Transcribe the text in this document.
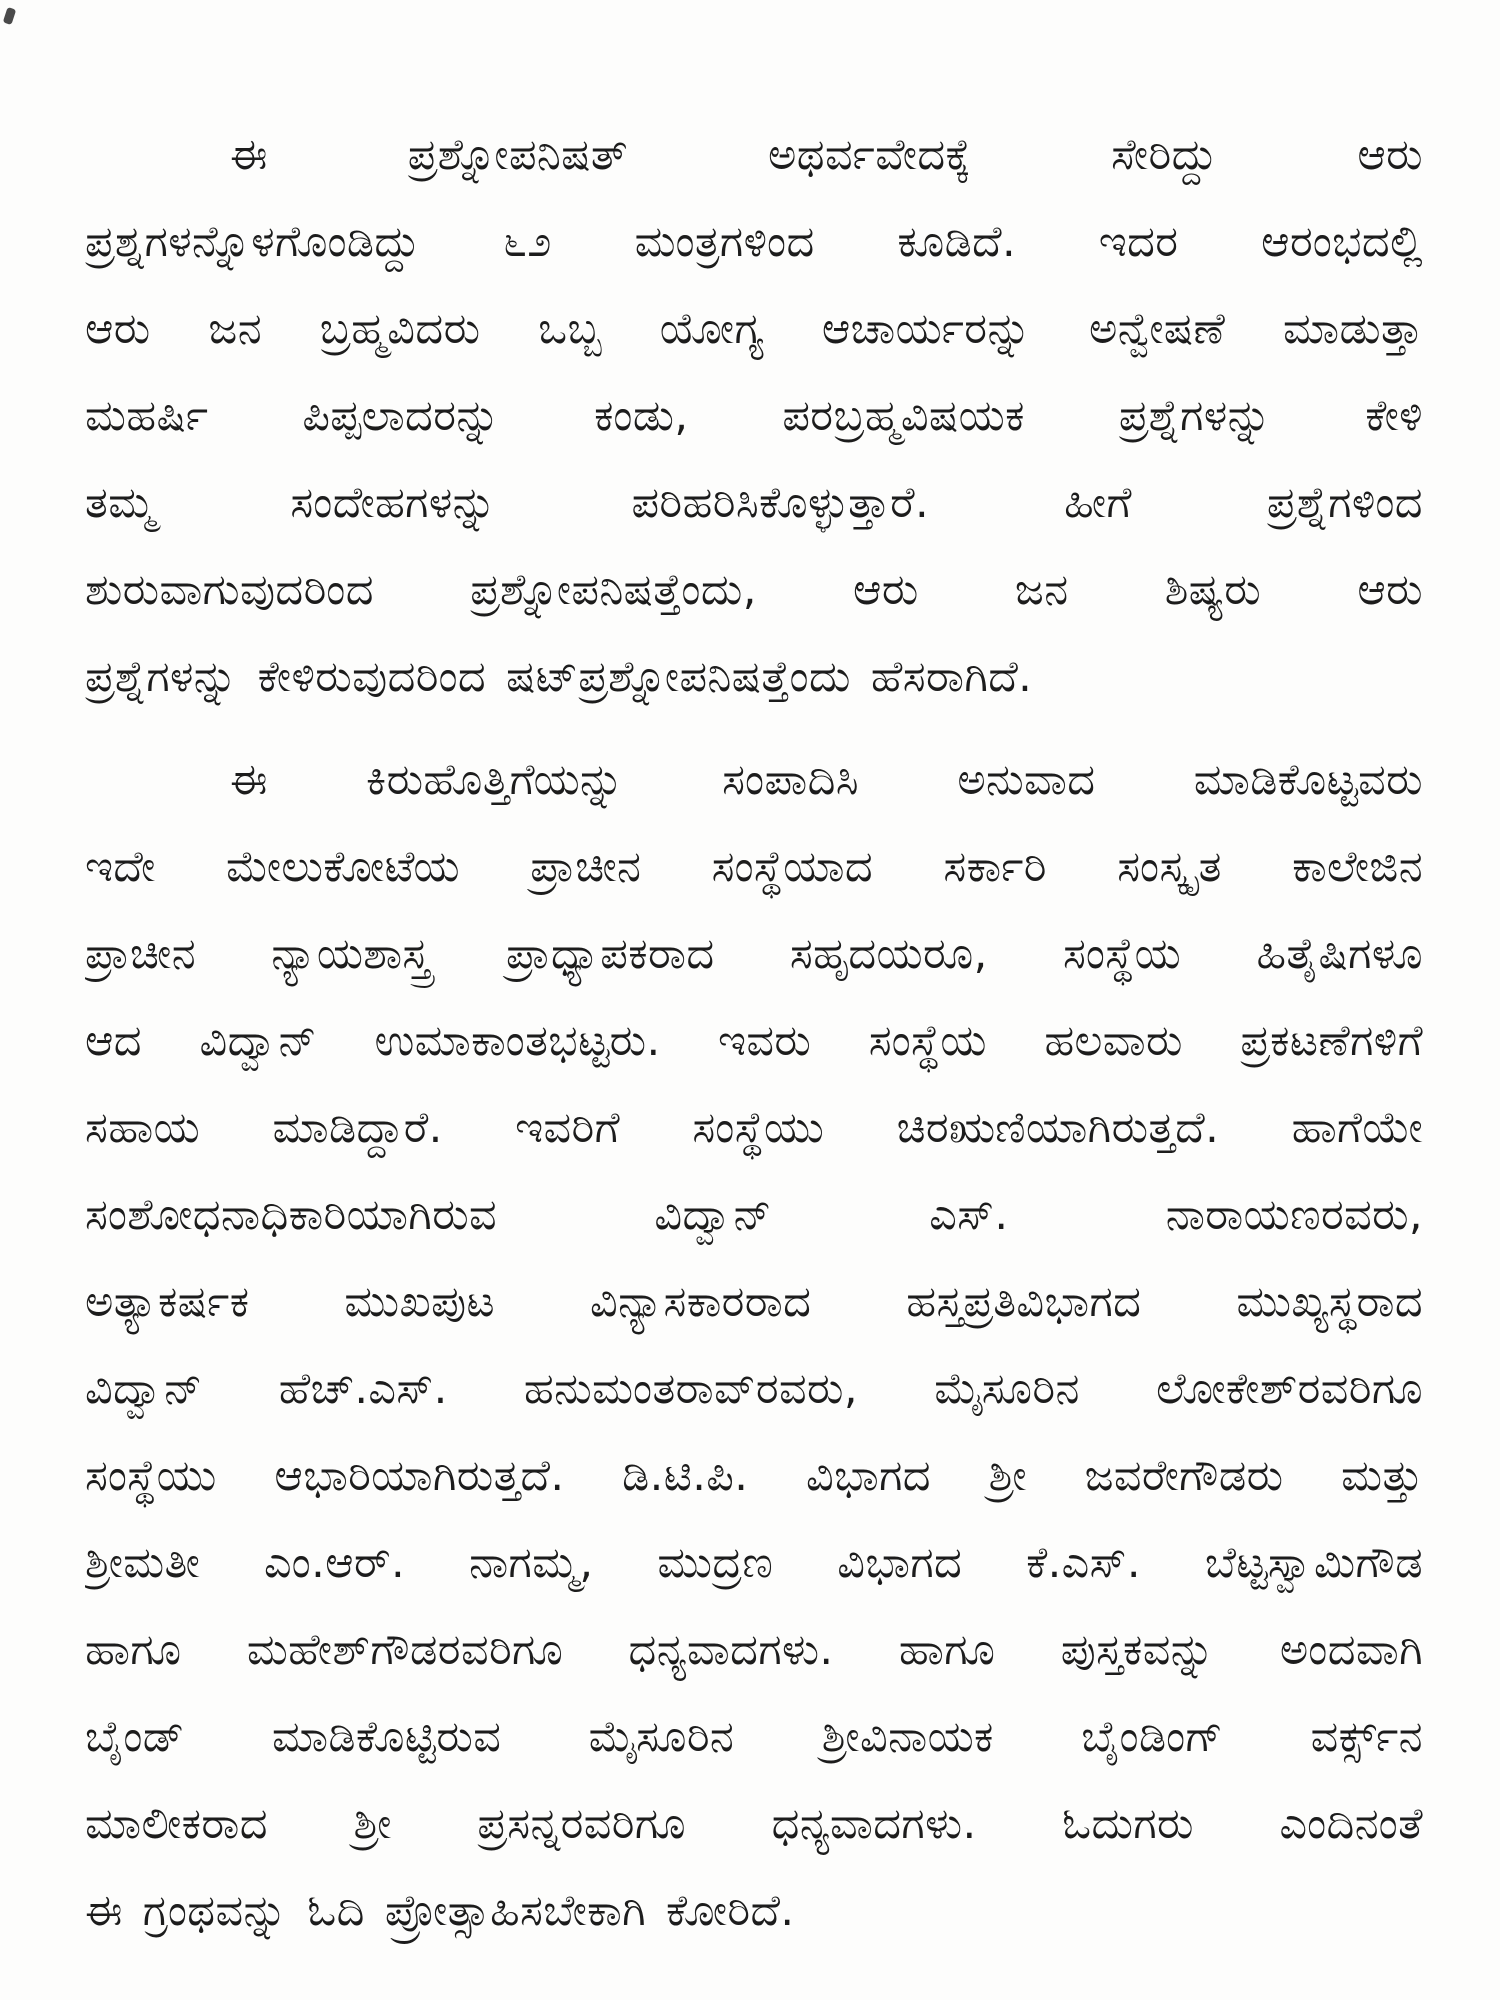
ಈ ಪ್ರಶ್ನೋಪನಿಷತ್ ಅಥರ್ವವೇದಕ್ಕೆ ಸೇರಿದ್ದು ಆರು
ಪ್ರಶ್ನಗಳನ್ನೊಳಗೊಂಡಿದ್ದು ೬೨ ಮಂತ್ರಗಳಿಂದ ಕೂಡಿದೆ. ಇದರ ಆರಂಭದಲ್ಲಿ
ಆರು ಜನ ಬ್ರಹ್ಮವಿದರು ಒಬ್ಬ ಯೋಗ್ಯ ಆಚಾರ್ಯರನ್ನು ಅನ್ವೇಷಣೆ ಮಾಡುತ್ತಾ
ಮಹರ್ಷಿ ಪಿಪ್ಪಲಾದರನ್ನು ಕಂಡು, ಪರಬ್ರಹ್ಮವಿಷಯಕ ಪ್ರಶ್ನೆಗಳನ್ನು ಕೇಳಿ
ತಮ್ಮ ಸಂದೇಹಗಳನ್ನು ಪರಿಹರಿಸಿಕೊಳ್ಳುತ್ತಾರೆ. ಹೀಗೆ ಪ್ರಶ್ನೆಗಳಿಂದ
ಶುರುವಾಗುವುದರಿಂದ ಪ್ರಶ್ನೋಪನಿಷತ್ತೆಂದು, ಆರು ಜನ ಶಿಷ್ಯರು ಆರು
ಪ್ರಶ್ನೆಗಳನ್ನು ಕೇಳಿರುವುದರಿಂದ ಷಟ್‌ಪ್ರಶ್ನೋಪನಿಷತ್ತೆಂದು ಹೆಸರಾಗಿದೆ.
ಈ ಕಿರುಹೊತ್ತಿಗೆಯನ್ನು ಸಂಪಾದಿಸಿ ಅನುವಾದ ಮಾಡಿಕೊಟ್ಟವರು
ಇದೇ ಮೇಲುಕೋಟೆಯ ಪ್ರಾಚೀನ ಸಂಸ್ಥೆಯಾದ ಸರ್ಕಾರಿ ಸಂಸ್ಕೃತ ಕಾಲೇಜಿನ
ಪ್ರಾಚೀನ ನ್ಯಾಯಶಾಸ್ತ್ರ ಪ್ರಾಧ್ಯಾಪಕರಾದ ಸಹೃದಯರೂ, ಸಂಸ್ಥೆಯ ಹಿತೈಷಿಗಳೂ
ಆದ ವಿದ್ವಾನ್ ಉಮಾಕಾಂತಭಟ್ಟರು. ಇವರು ಸಂಸ್ಥೆಯ ಹಲವಾರು ಪ್ರಕಟಣೆಗಳಿಗೆ
ಸಹಾಯ ಮಾಡಿದ್ದಾರೆ. ಇವರಿಗೆ ಸಂಸ್ಥೆಯು ಚಿರಋಣಿಯಾಗಿರುತ್ತದೆ. ಹಾಗೆಯೇ
ಸಂಶೋಧನಾಧಿಕಾರಿಯಾಗಿರುವ ವಿದ್ವಾನ್ ಎಸ್. ನಾರಾಯಣರವರು,
ಅತ್ಯಾಕರ್ಷಕ ಮುಖಪುಟ ವಿನ್ಯಾಸಕಾರರಾದ ಹಸ್ತಪ್ರತಿವಿಭಾಗದ ಮುಖ್ಯಸ್ಥರಾದ
ವಿದ್ವಾನ್ ಹೆಚ್.ಎಸ್. ಹನುಮಂತರಾವ್‌ರವರು, ಮೈಸೂರಿನ ಲೋಕೇಶ್‌ರವರಿಗೂ
ಸಂಸ್ಥೆಯು ಆಭಾರಿಯಾಗಿರುತ್ತದೆ. ಡಿ.ಟಿ.ಪಿ. ವಿಭಾಗದ ಶ್ರೀ ಜವರೇಗೌಡರು ಮತ್ತು
ಶ್ರೀಮತೀ ಎಂ.ಆರ್. ನಾಗಮ್ಮ, ಮುದ್ರಣ ವಿಭಾಗದ ಕೆ.ಎಸ್. ಬೆಟ್ಟಸ್ವಾಮಿಗೌಡ
ಹಾಗೂ ಮಹೇಶ್‌ಗೌಡರವರಿಗೂ ಧನ್ಯವಾದಗಳು. ಹಾಗೂ ಪುಸ್ತಕವನ್ನು ಅಂದವಾಗಿ
ಬೈಂಡ್ ಮಾಡಿಕೊಟ್ಟಿರುವ ಮೈಸೂರಿನ ಶ್ರೀವಿನಾಯಕ ಬೈಂಡಿಂಗ್ ವರ್ಕ್ಸ್‌ನ
ಮಾಲೀಕರಾದ ಶ್ರೀ ಪ್ರಸನ್ನರವರಿಗೂ ಧನ್ಯವಾದಗಳು. ಓದುಗರು ಎಂದಿನಂತೆ
ಈ ಗ್ರಂಥವನ್ನು ಓದಿ ಪ್ರೋತ್ಸಾಹಿಸಬೇಕಾಗಿ ಕೋರಿದೆ.
